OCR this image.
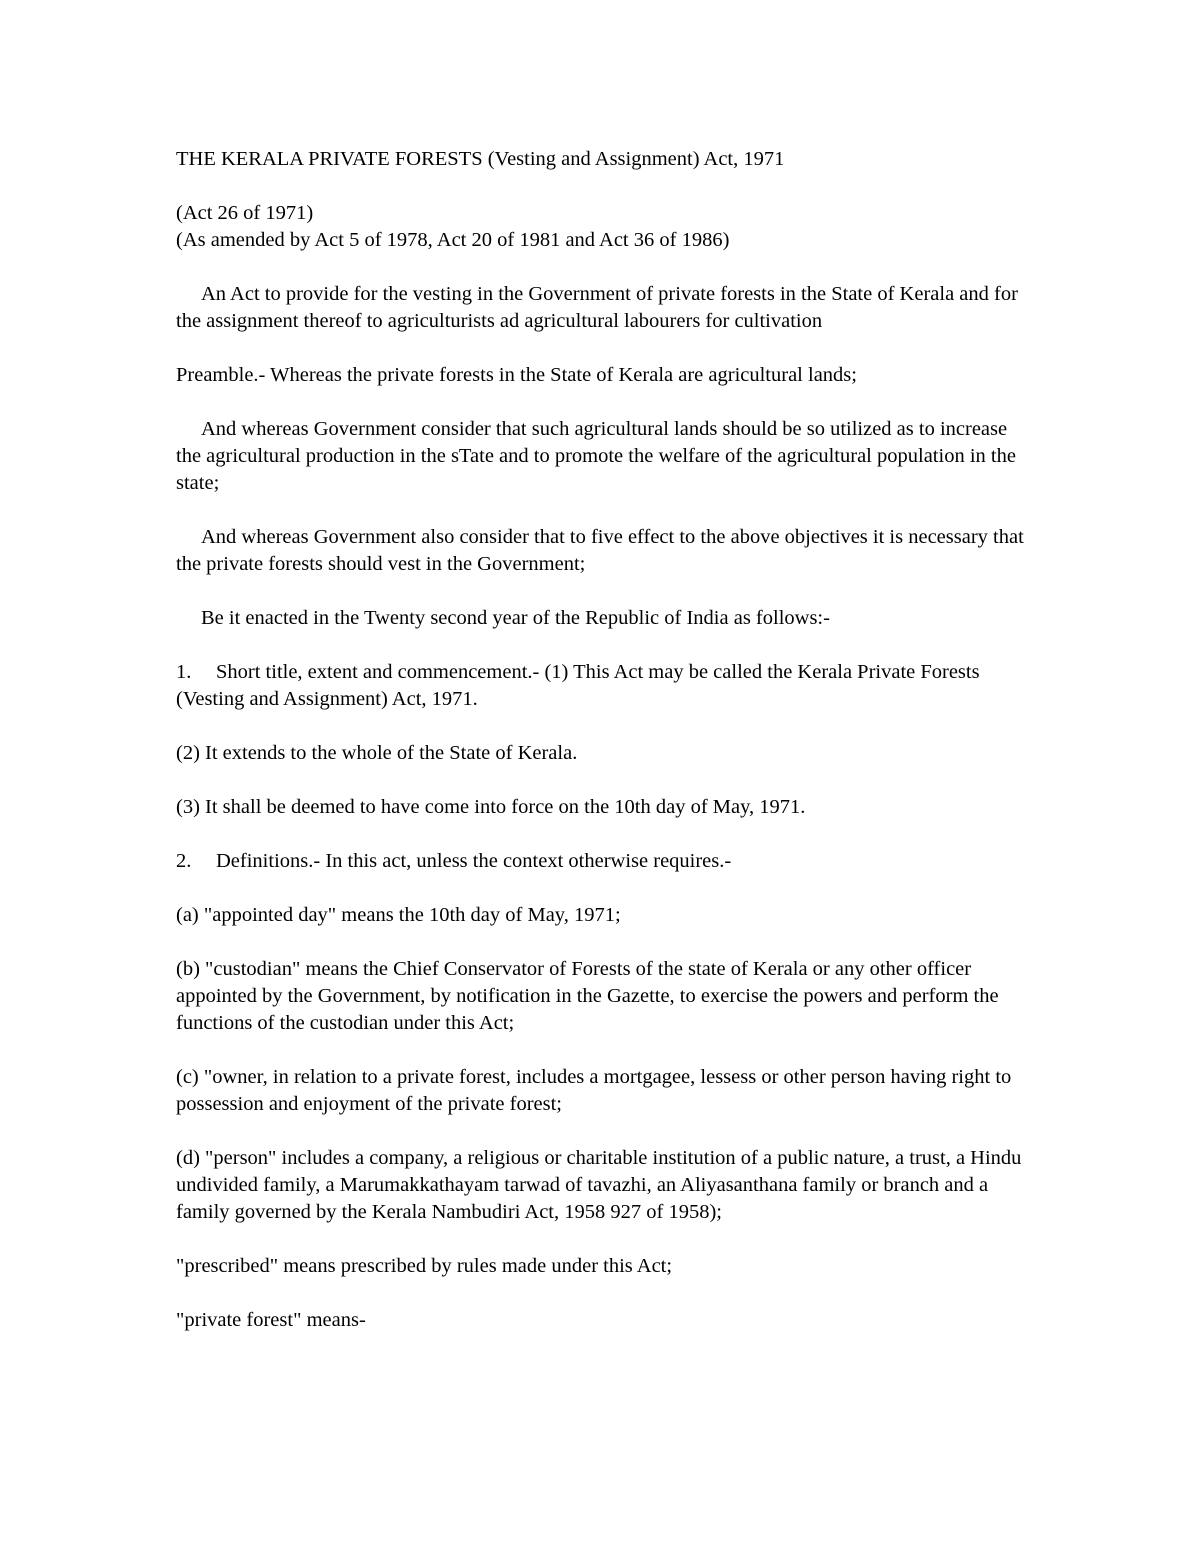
THE KERALA PRIVATE FORESTS (Vesting and Assignment) Act, 1971

(Act 26 of 1971)

(As amended by Act 5 of 1978, Act 20 of 1981 and Act 36 of 1986)

An Act to provide for the vesting in the Government of private forests in the State of Kerala and for the assignment thereof to agriculturists ad agricultural labourers for cultivation

Preamble.- Whereas the private forests in the State of Kerala are agricultural lands;

And whereas Government consider that such agricultural lands should be so utilized as to increase the agricultural production in the sTate and to promote the welfare of the agricultural population in the state;

And whereas Government also consider that to five effect to the above objectives it is necessary that the private forests should vest in the Government;

Be it enacted in the Twenty second year of the Republic of India as follows:-

1. Short title, extent and commencement.- (1) This Act may be called the Kerala Private Forests (Vesting and Assignment) Act, 1971.

(2) It extends to the whole of the State of Kerala.

(3) It shall be deemed to have come into force on the 10th day of May, 1971.

2. Definitions.- In this act, unless the context otherwise requires.-

(a) "appointed day" means the 10th day of May, 1971;

(b) "custodian" means the Chief Conservator of Forests of the state of Kerala or any other officer appointed by the Government, by notification in the Gazette, to exercise the powers and perform the functions of the custodian under this Act;

(c) "owner, in relation to a private forest, includes a mortgagee, lessess or other person having right to possession and enjoyment of the private forest;

(d) "person" includes a company, a religious or charitable institution of a public nature, a trust, a Hindu undivided family, a Marumakkathayam tarwad of tavazhi, an Aliyasanthana family or branch and a family governed by the Kerala Nambudiri Act, 1958 927 of 1958);

"prescribed" means prescribed by rules made under this Act;

"private forest" means-
